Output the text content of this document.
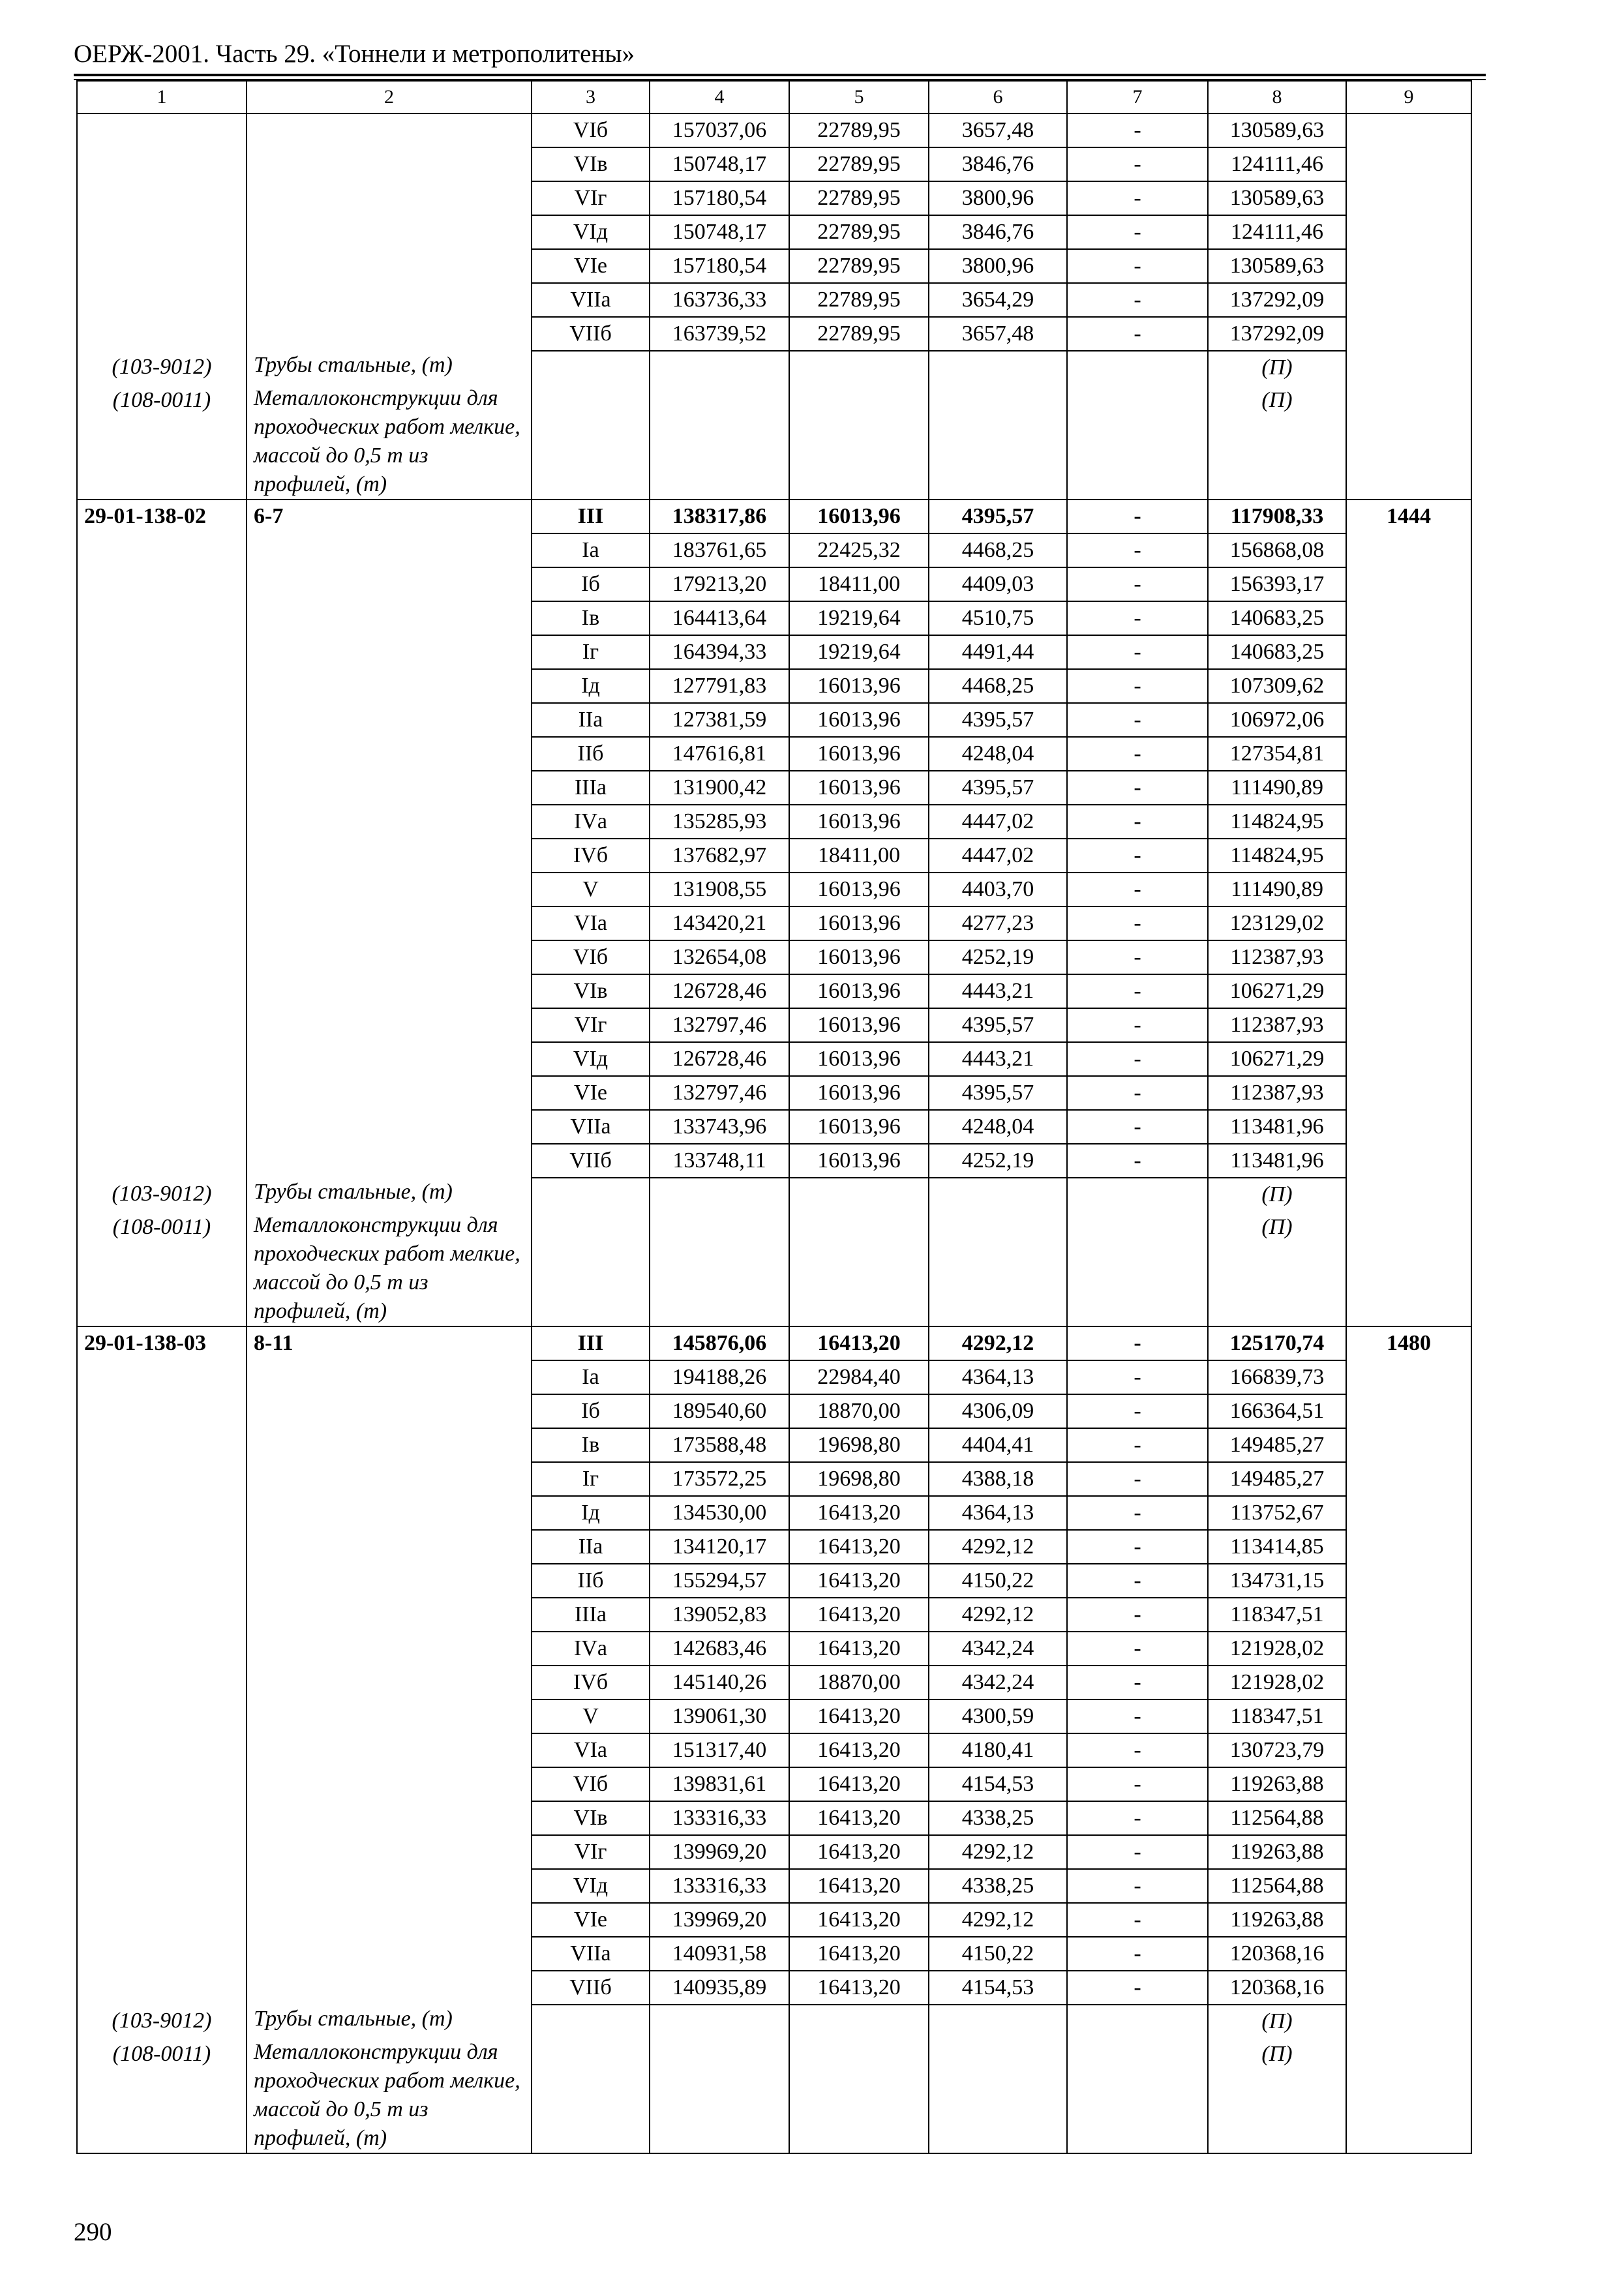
ОЕРЖ-2001. Часть 29. «Тоннели и метрополитены»
1	2	3	4	5	6	7	8	9
		VIб	157037,06	22789,95	3657,48	-	130589,63	
		VIв	150748,17	22789,95	3846,76	-	124111,46	
		VIг	157180,54	22789,95	3800,96	-	130589,63	
		VIд	150748,17	22789,95	3846,76	-	124111,46	
		VIе	157180,54	22789,95	3800,96	-	130589,63	
		VIIа	163736,33	22789,95	3654,29	-	137292,09	
		VIIб	163739,52	22789,95	3657,48	-	137292,09	
(103-9012)	Трубы стальные, (т)						(П)	
(108-0011)	Металлоконструкции для проходческих работ мелкие, массой до 0,5 т из профилей, (т)						(П)	
29-01-138-02	6-7	III	138317,86	16013,96	4395,57	-	117908,33	1444
		Iа	183761,65	22425,32	4468,25	-	156868,08	
		Iб	179213,20	18411,00	4409,03	-	156393,17	
		Iв	164413,64	19219,64	4510,75	-	140683,25	
		Iг	164394,33	19219,64	4491,44	-	140683,25	
		Iд	127791,83	16013,96	4468,25	-	107309,62	
		IIа	127381,59	16013,96	4395,57	-	106972,06	
		IIб	147616,81	16013,96	4248,04	-	127354,81	
		IIIа	131900,42	16013,96	4395,57	-	111490,89	
		IVа	135285,93	16013,96	4447,02	-	114824,95	
		IVб	137682,97	18411,00	4447,02	-	114824,95	
		V	131908,55	16013,96	4403,70	-	111490,89	
		VIа	143420,21	16013,96	4277,23	-	123129,02	
		VIб	132654,08	16013,96	4252,19	-	112387,93	
		VIв	126728,46	16013,96	4443,21	-	106271,29	
		VIг	132797,46	16013,96	4395,57	-	112387,93	
		VIд	126728,46	16013,96	4443,21	-	106271,29	
		VIе	132797,46	16013,96	4395,57	-	112387,93	
		VIIа	133743,96	16013,96	4248,04	-	113481,96	
		VIIб	133748,11	16013,96	4252,19	-	113481,96	
(103-9012)	Трубы стальные, (т)						(П)	
(108-0011)	Металлоконструкции для проходческих работ мелкие, массой до 0,5 т из профилей, (т)						(П)	
29-01-138-03	8-11	III	145876,06	16413,20	4292,12	-	125170,74	1480
		Iа	194188,26	22984,40	4364,13	-	166839,73	
		Iб	189540,60	18870,00	4306,09	-	166364,51	
		Iв	173588,48	19698,80	4404,41	-	149485,27	
		Iг	173572,25	19698,80	4388,18	-	149485,27	
		Iд	134530,00	16413,20	4364,13	-	113752,67	
		IIа	134120,17	16413,20	4292,12	-	113414,85	
		IIб	155294,57	16413,20	4150,22	-	134731,15	
		IIIа	139052,83	16413,20	4292,12	-	118347,51	
		IVа	142683,46	16413,20	4342,24	-	121928,02	
		IVб	145140,26	18870,00	4342,24	-	121928,02	
		V	139061,30	16413,20	4300,59	-	118347,51	
		VIа	151317,40	16413,20	4180,41	-	130723,79	
		VIб	139831,61	16413,20	4154,53	-	119263,88	
		VIв	133316,33	16413,20	4338,25	-	112564,88	
		VIг	139969,20	16413,20	4292,12	-	119263,88	
		VIд	133316,33	16413,20	4338,25	-	112564,88	
		VIе	139969,20	16413,20	4292,12	-	119263,88	
		VIIа	140931,58	16413,20	4150,22	-	120368,16	
		VIIб	140935,89	16413,20	4154,53	-	120368,16	
(103-9012)	Трубы стальные, (т)						(П)	
(108-0011)	Металлоконструкции для проходческих работ мелкие, массой до 0,5 т из профилей, (т)						(П)	
290
